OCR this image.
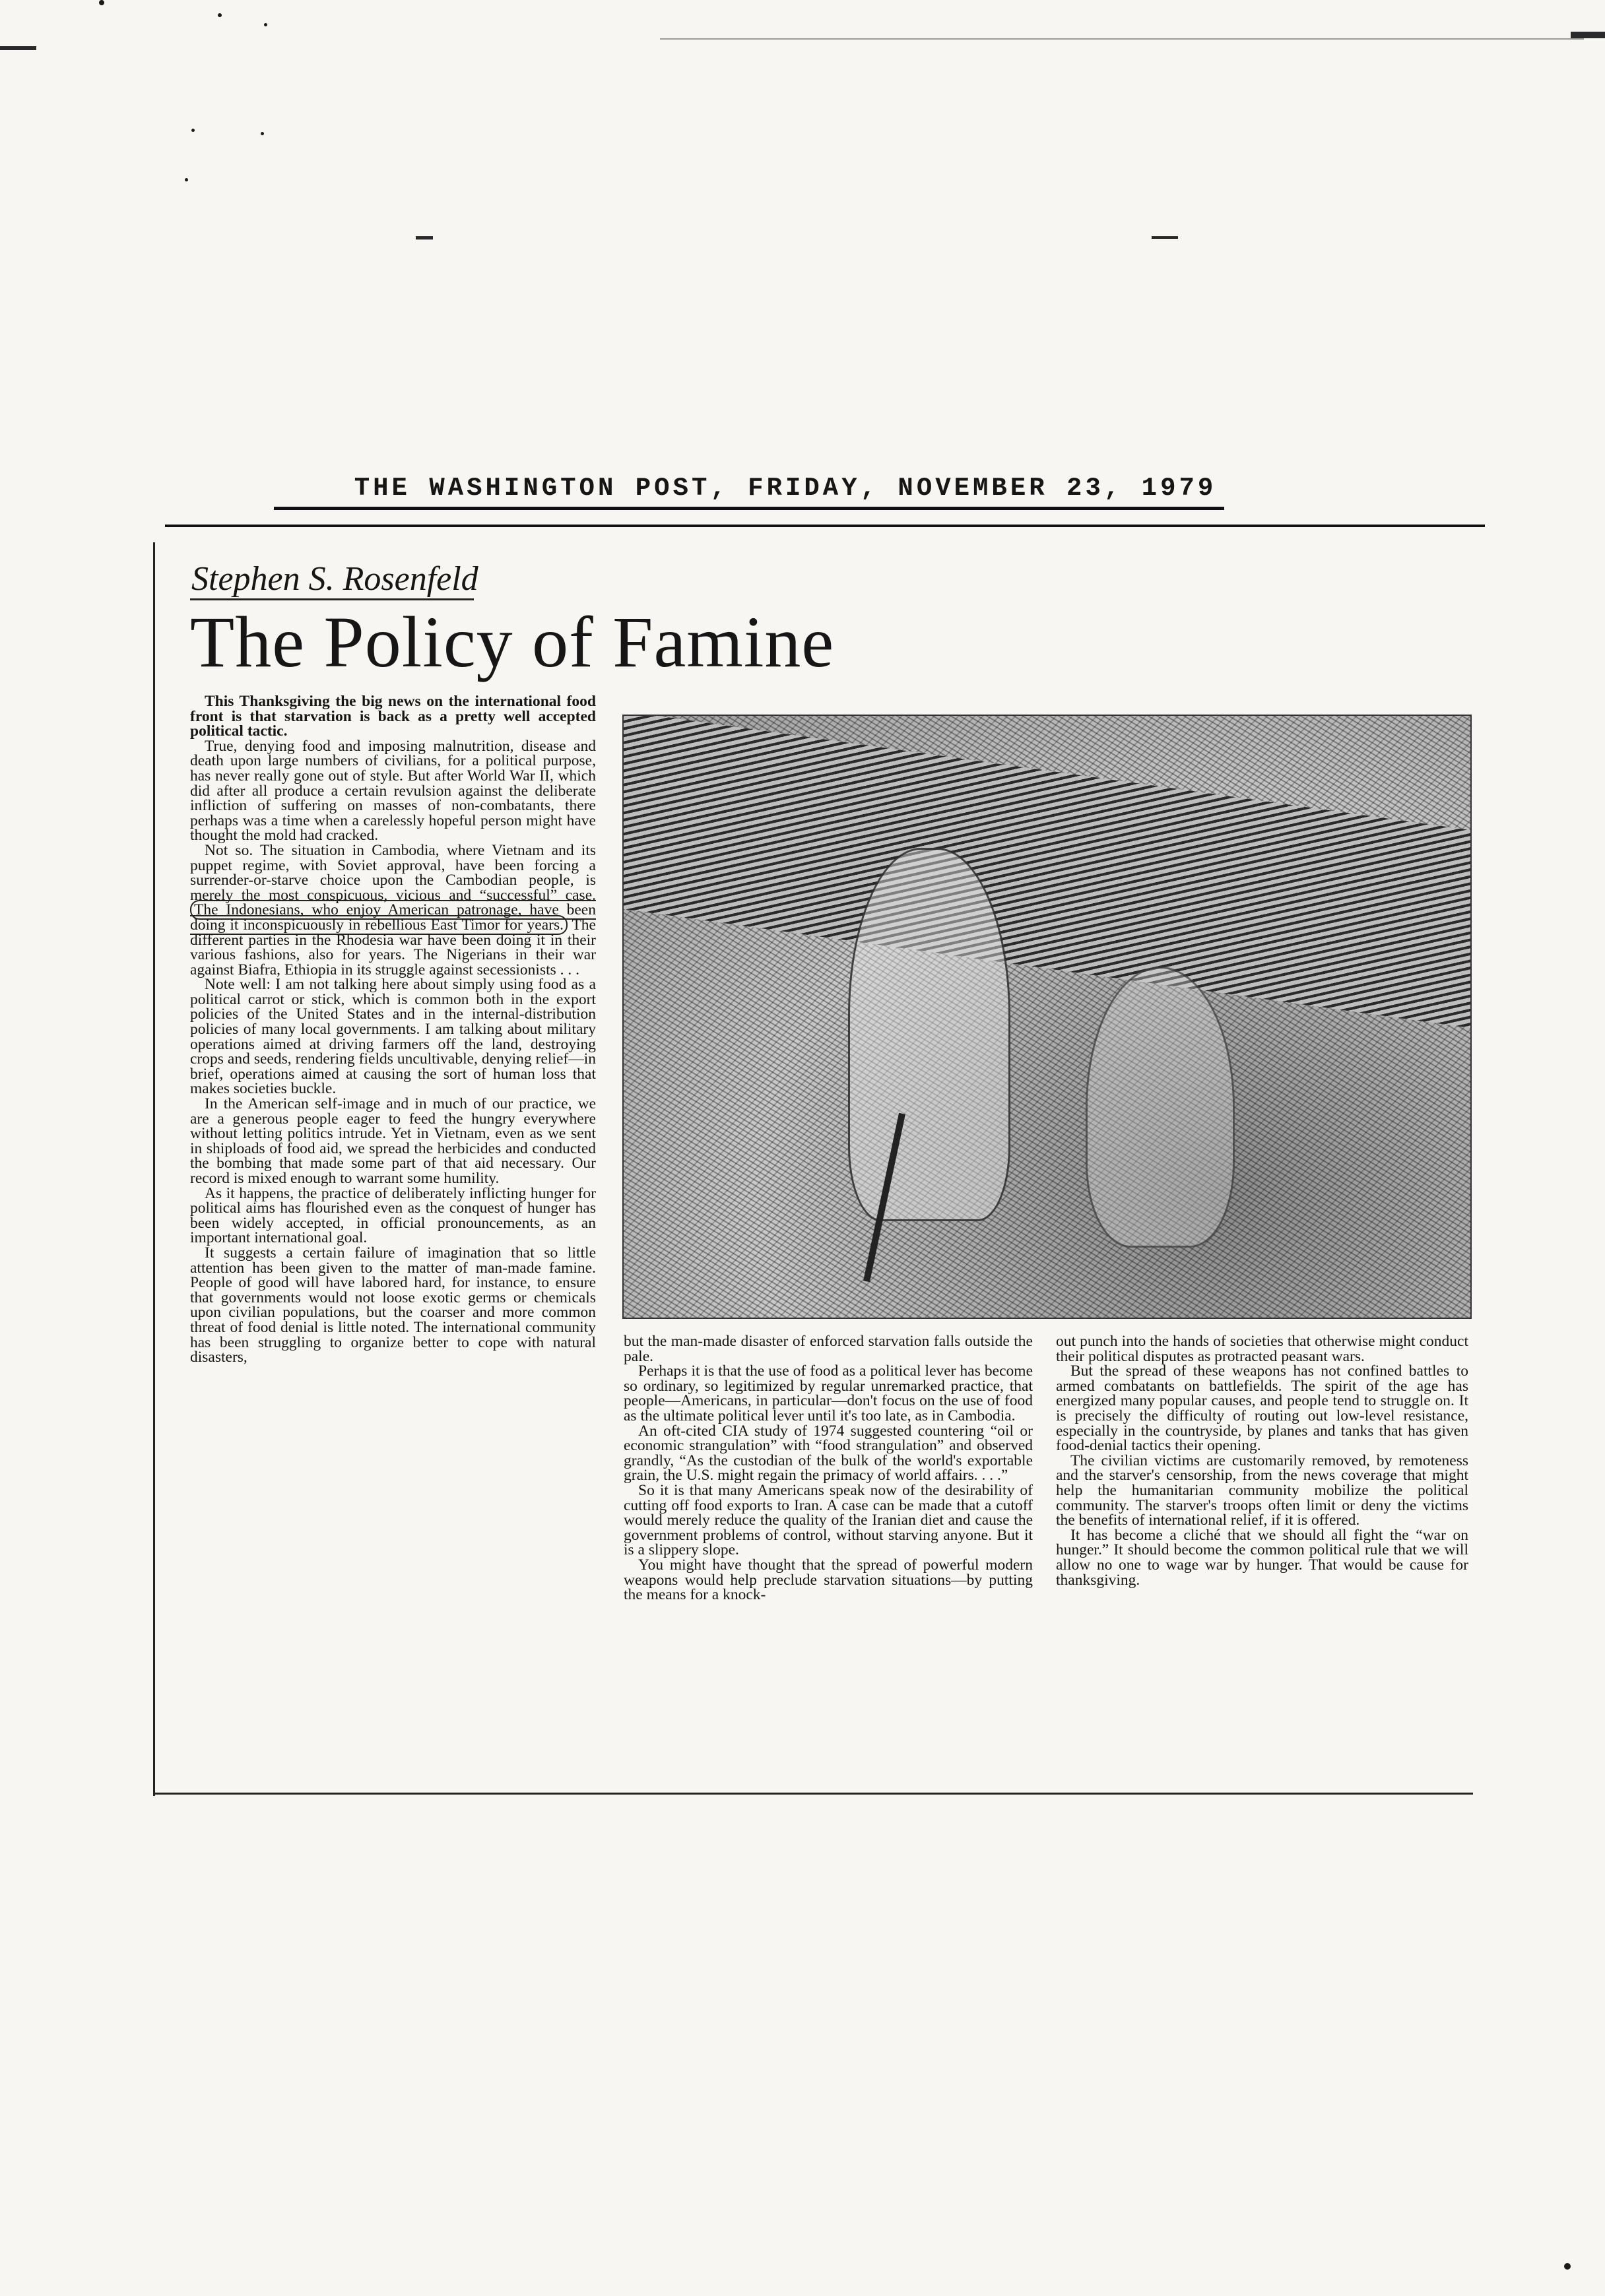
THE WASHINGTON POST, FRIDAY, NOVEMBER 23, 1979
Stephen S. Rosenfeld
The Policy of Famine

This Thanksgiving the big news on the international food front is that starvation is back as a pretty well accepted political tactic.

True, denying food and imposing malnutrition, disease and death upon large numbers of civilians, for a political purpose, has never really gone out of style. But after World War II, which did after all produce a certain revulsion against the deliberate infliction of suffering on masses of non-combatants, there perhaps was a time when a carelessly hopeful person might have thought the mold had cracked.

Not so. The situation in Cambodia, where Vietnam and its puppet regime, with Soviet approval, have been forcing a surrender-or-starve choice upon the Cambodian people, is merely the most conspicuous, vicious and “successful” case. The Indonesians, who enjoy American patronage, have been doing it inconspicuously in rebellious East Timor for years. The different parties in the Rhodesia war have been doing it in their various fashions, also for years. The Nigerians in their war against Biafra, Ethiopia in its struggle against secessionists . . .

Note well: I am not talking here about simply using food as a political carrot or stick, which is common both in the export policies of the United States and in the internal-distribution policies of many local governments. I am talking about military operations aimed at driving farmers off the land, destroying crops and seeds, rendering fields uncultivable, denying relief—in brief, operations aimed at causing the sort of human loss that makes societies buckle.

In the American self-image and in much of our practice, we are a generous people eager to feed the hungry everywhere without letting politics intrude. Yet in Vietnam, even as we sent in shiploads of food aid, we spread the herbicides and conducted the bombing that made some part of that aid necessary. Our record is mixed enough to warrant some humility.

As it happens, the practice of deliberately inflicting hunger for political aims has flourished even as the conquest of hunger has been widely accepted, in official pronouncements, as an important international goal.

It suggests a certain failure of imagination that so little attention has been given to the matter of man-made famine. People of good will have labored hard, for instance, to ensure that governments would not loose exotic germs or chemicals upon civilian populations, but the coarser and more common threat of food denial is little noted. The international community has been struggling to organize better to cope with natural disasters,

but the man-made disaster of enforced starvation falls outside the pale.

Perhaps it is that the use of food as a political lever has become so ordinary, so legitimized by regular unremarked practice, that people—Americans, in particular—don't focus on the use of food as the ultimate political lever until it's too late, as in Cambodia.

An oft-cited CIA study of 1974 suggested countering “oil or economic strangulation” with “food strangulation” and observed grandly, “As the custodian of the bulk of the world's exportable grain, the U.S. might regain the primacy of world affairs. . . .”

So it is that many Americans speak now of the desirability of cutting off food exports to Iran. A case can be made that a cutoff would merely reduce the quality of the Iranian diet and cause the government problems of control, without starving anyone. But it is a slippery slope.

You might have thought that the spread of powerful modern weapons would help preclude starvation situations—by putting the means for a knock-

out punch into the hands of societies that otherwise might conduct their political disputes as protracted peasant wars.

But the spread of these weapons has not confined battles to armed combatants on battlefields. The spirit of the age has energized many popular causes, and people tend to struggle on. It is precisely the difficulty of routing out low-level resistance, especially in the countryside, by planes and tanks that has given food-denial tactics their opening.

The civilian victims are customarily removed, by remoteness and the starver's censorship, from the news coverage that might help the humanitarian community mobilize the political community. The starver's troops often limit or deny the victims the benefits of international relief, if it is offered.

It has become a cliché that we should all fight the “war on hunger.” It should become the common political rule that we will allow no one to wage war by hunger. That would be cause for thanksgiving.
